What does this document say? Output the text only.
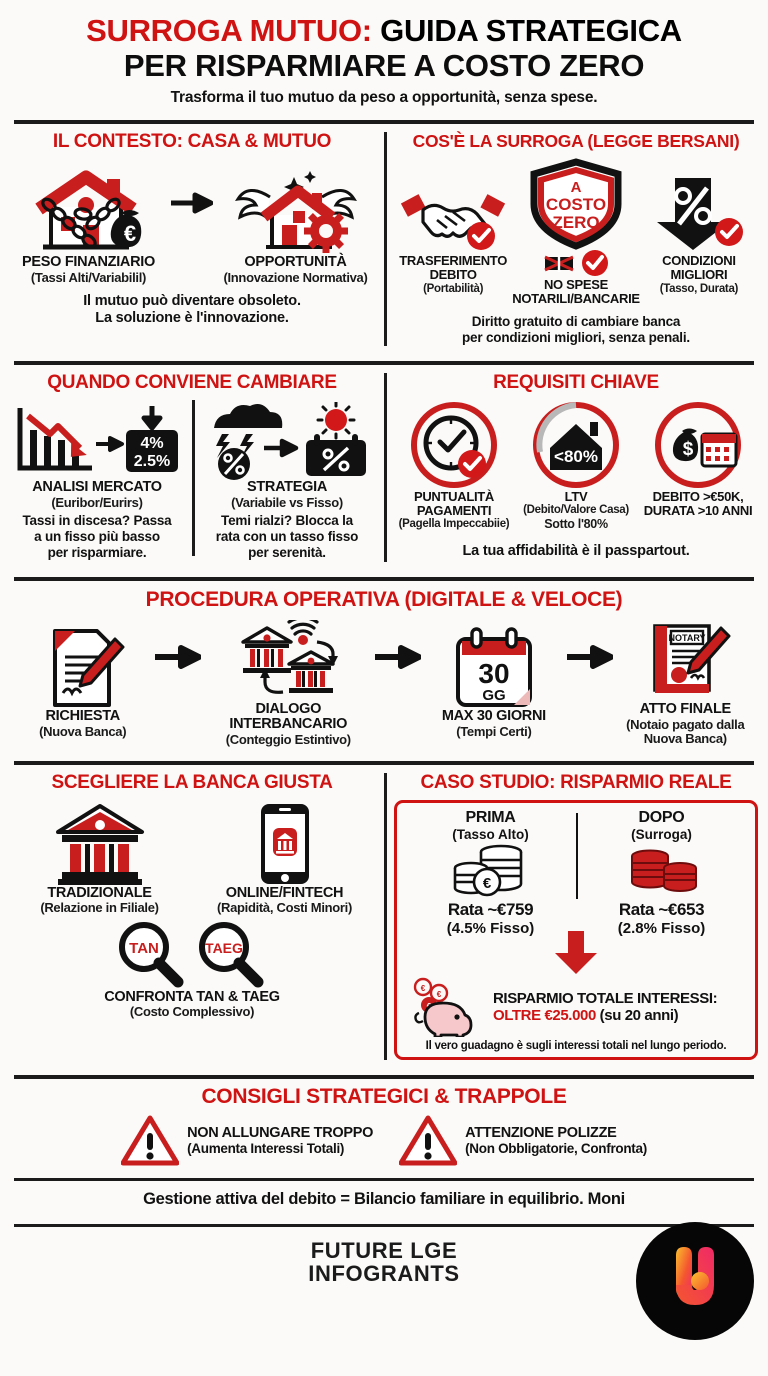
SURROGA MUTUO: GUIDA STRATEGICA
PER RISPARMIARE A COSTO ZERO
Trasforma il tuo mutuo da peso a opportunità, senza spese.
IL CONTESTO: CASA & MUTUO
€
PESO FINANZIARIO
(Tassi Alti/Variabilil)
OPPORTUNITÀ
(Innovazione Normativa)
Il mutuo può diventare obsoleto.
La soluzione è l'innovazione.
COS'È LA SURROGA (LEGGE BERSANI)
TRASFERIMENTO
DEBITO
(Portabilità)
A
COSTO
ZERO
NO SPESE
NOTARILI/BANCARIE
CONDIZIONI
MIGLIORI
(Tasso, Durata)
Diritto gratuito di cambiare banca
per condizioni migliori, senza penali.
QUANDO CONVIENE CAMBIARE
4%
2.5%
ANALISI MERCATO
(Euribor/Eurirs)
Tassi in discesa? Passa
a un fisso più basso
per risparmiare.
STRATEGIA
(Variabile vs Fisso)
Temi rialzi? Blocca la
rata con un tasso fisso
per serenità.
REQUISITI CHIAVE
PUNTUALITÀ
PAGAMENTI
(Pagella Impeccabiie)
<80%
LTV
(Debito/Valore Casa)
Sotto l'80%
$
DEBITO >€50K,
DURATA >10 ANNI
La tua affidabilità è il passpartout.
PROCEDURA OPERATIVA (DIGITALE & VELOCE)
RICHIESTA
(Nuova Banca)
DIALOGO INTERBANCARIO
(Conteggio Estintivo)
30
GG
MAX 30 GIORNI
(Tempi Certi)
NOTARY
ATTO FINALE
(Notaio pagato dalla
Nuova Banca)
SCEGLIERE LA BANCA GIUSTA
TRADIZIONALE
(Relazione in Filiale)
ONLINE/FINTECH
(Rapidità, Costi Minori)
TAN	TAEG
CONFRONTA TAN & TAEG
(Costo Complessivo)
CASO STUDIO: RISPARMIO REALE
PRIMA
(Tasso Alto)
€
Rata ~€759
(4.5% Fisso)
DOPO
(Surroga)
Rata ~€653
(2.8% Fisso)
€
€	RISPARMIO TOTALE INTERESSI:
OLTRE €25.000 (su 20 anni)
Il vero guadagno è sugli interessi totali nel lungo periodo.
CONSIGLI STRATEGICI & TRAPPOLE
NON ALLUNGARE TROPPO
(Aumenta Interessi Totali)
ATTENZIONE POLIZZE
(Non Obbligatorie, Confronta)
Gestione attiva del debito = Bilancio familiare in equilibrio. Moni
FUTURE LGE
INFOGRANTS
